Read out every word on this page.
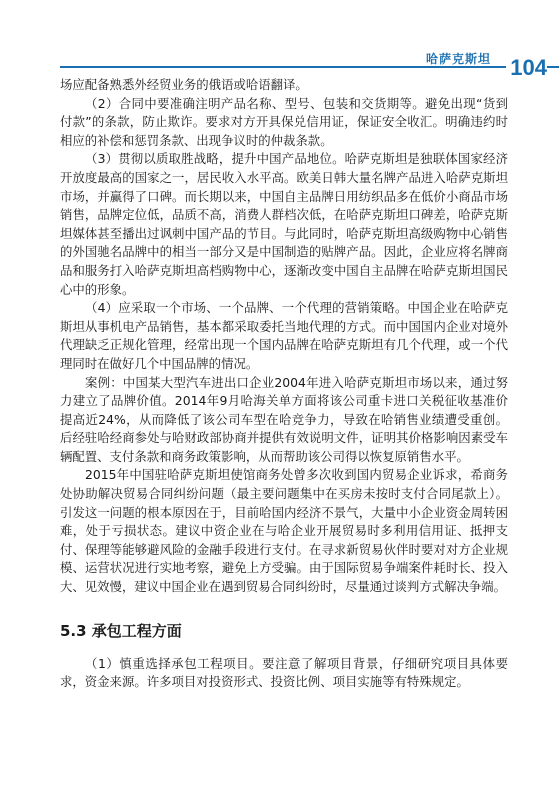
哈萨克斯坦 104

场应配备熟悉外经贸业务的俄语或哈语翻译。

（2）合同中要准确注明产品名称、型号、包装和交货期等。避免出现“货到付款”的条款，防止欺诈。要求对方开具保兑信用证，保证安全收汇。明确违约时相应的补偿和惩罚条款、出现争议时的仲裁条款。

（3）贯彻以质取胜战略，提升中国产品地位。哈萨克斯坦是独联体国家经济开放度最高的国家之一，居民收入水平高。欧美日韩大量名牌产品进入哈萨克斯坦市场，并赢得了口碑。而长期以来，中国自主品牌日用纺织品多在低价小商品市场销售，品牌定位低，品质不高，消费人群档次低，在哈萨克斯坦口碑差，哈萨克斯坦媒体甚至播出过讽刺中国产品的节目。与此同时，哈萨克斯坦高级购物中心销售的外国驰名品牌中的相当一部分又是中国制造的贴牌产品。因此，企业应将名牌商品和服务打入哈萨克斯坦高档购物中心，逐渐改变中国自主品牌在哈萨克斯坦国民心中的形象。

（4）应采取一个市场、一个品牌、一个代理的营销策略。中国企业在哈萨克斯坦从事机电产品销售，基本都采取委托当地代理的方式。而中国国内企业对境外代理缺乏正规化管理，经常出现一个国内品牌在哈萨克斯坦有几个代理，或一个代理同时在做好几个中国品牌的情况。

案例：中国某大型汽车进出口企业2004年进入哈萨克斯坦市场以来，通过努力建立了品牌价值。2014年9月哈海关单方面将该公司重卡进口关税征收基准价提高近24%，从而降低了该公司车型在哈竞争力，导致在哈销售业绩遭受重创。后经驻哈经商参处与哈财政部协商并提供有效说明文件，证明其价格影响因素受车辆配置、支付条款和商务政策影响，从而帮助该公司得以恢复原销售水平。

2015年中国驻哈萨克斯坦使馆商务处曾多次收到国内贸易企业诉求，希商务处协助解决贸易合同纠纷问题（最主要问题集中在买房未按时支付合同尾款上）。引发这一问题的根本原因在于，目前哈国内经济不景气，大量中小企业资金周转困难，处于亏损状态。建议中资企业在与哈企业开展贸易时多利用信用证、抵押支付、保理等能够避风险的金融手段进行支付。在寻求新贸易伙伴时要对对方企业规模、运营状况进行实地考察，避免上方受骗。由于国际贸易争端案件耗时长、投入大、见效慢，建议中国企业在遇到贸易合同纠纷时，尽量通过谈判方式解决争端。

5.3 承包工程方面

（1）慎重选择承包工程项目。要注意了解项目背景，仔细研究项目具体要求，资金来源。许多项目对投资形式、投资比例、项目实施等有特殊规定。
